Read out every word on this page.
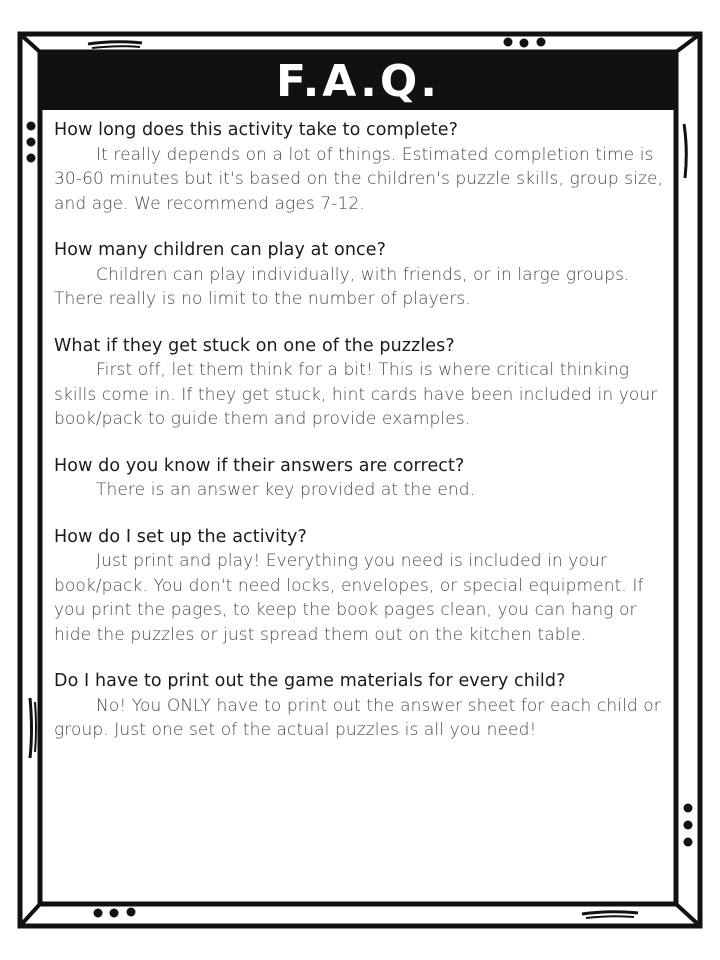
F.A.Q.
How long does this activity take to complete?
It really depends on a lot of things. Estimated completion time is 30-60 minutes but it's based on the children's puzzle skills, group size, and age. We recommend ages 7-12.
How many children can play at once?
Children can play individually, with friends, or in large groups. There really is no limit to the number of players.
What if they get stuck on one of the puzzles?
First off, let them think for a bit! This is where critical thinking skills come in. If they get stuck, hint cards have been included in your book/pack to guide them and provide examples.
How do you know if their answers are correct?
There is an answer key provided at the end.
How do I set up the activity?
Just print and play! Everything you need is included in your book/pack. You don't need locks, envelopes, or special equipment. If you print the pages, to keep the book pages clean, you can hang or hide the puzzles or just spread them out on the kitchen table.
Do I have to print out the game materials for every child?
No! You ONLY have to print out the answer sheet for each child or group. Just one set of the actual puzzles is all you need!
